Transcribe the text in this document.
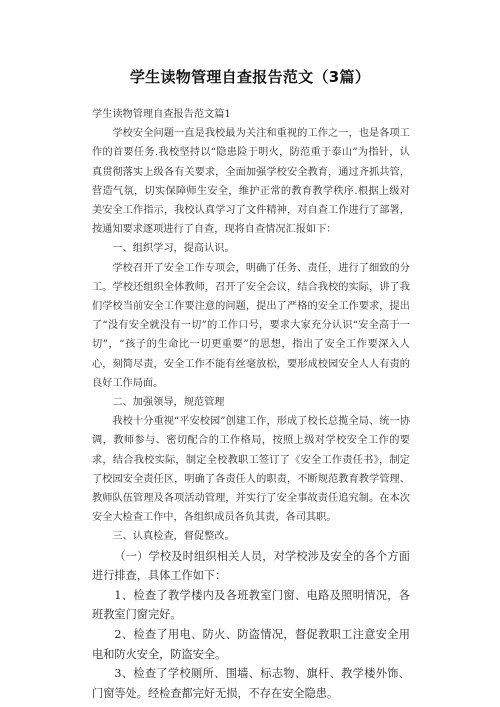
学生读物管理自查报告范文（3篇）

学生读物管理自查报告范文篇1

学校安全问题一直是我校最为关注和重视的工作之一，也是各项工作的首要任务.我校坚持以“隐患险于明火，防范重于泰山”为指针，认真贯彻落实上级各有关要求，全面加强学校安全教育，通过齐抓共管，营造气氛，切实保障师生安全，维护正常的教育教学秩序.根据上级对美安全工作指示，我校认真学习了文件精神，对自查工作进行了部署，按通知要求逐项进行了自查，现将自查情况汇报如下：

一、组织学习，提高认识。

学校召开了安全工作专项会，明确了任务、责任，进行了细致的分工。学校还组织全体教师，召开了安全会议，结合我校的实际，讲了我们学校当前安全工作要注意的问题，提出了严格的安全工作要求，提出了“没有安全就没有一切”的工作口号，要求大家充分认识“安全高于一切”，“孩子的生命比一切更重要”的思想，指出了安全工作要深入人心，刻简尽责，安全工作不能有丝毫放松，要形成校园安全人人有责的良好工作局面。

二、加强领导，规范管理

我校十分重视“平安校园”创建工作，形成了校长总揽全局、统一协调，教师参与、密切配合的工作格局，按照上级对学校安全工作的要求，结合我校实际，制定全校教职工签订了《安全工作责任书》，制定了校园安全责任区，明确了各责任人的职责，不断规范教育教学管理、教师队伍管理及各项活动管理，并实行了安全事故责任追究制。在本次安全大检查工作中，各组织成员各负其责，各司其职。

三、认真检查，督促整改。

（一）学校及时组织相关人员，对学校涉及安全的各个方面进行排查，具体工作如下：

1、检查了教学楼内及各班教室门窗、电路及照明情况，各班教室门窗完好。

2、检查了用电、防火、防盗情况，督促教职工注意安全用电和防火安全，防盗安全。

3、检查了学校厕所、围墙、标志物、旗杆、教学楼外饰、门窗等处。经检查都完好无损，不存在安全隐患。
